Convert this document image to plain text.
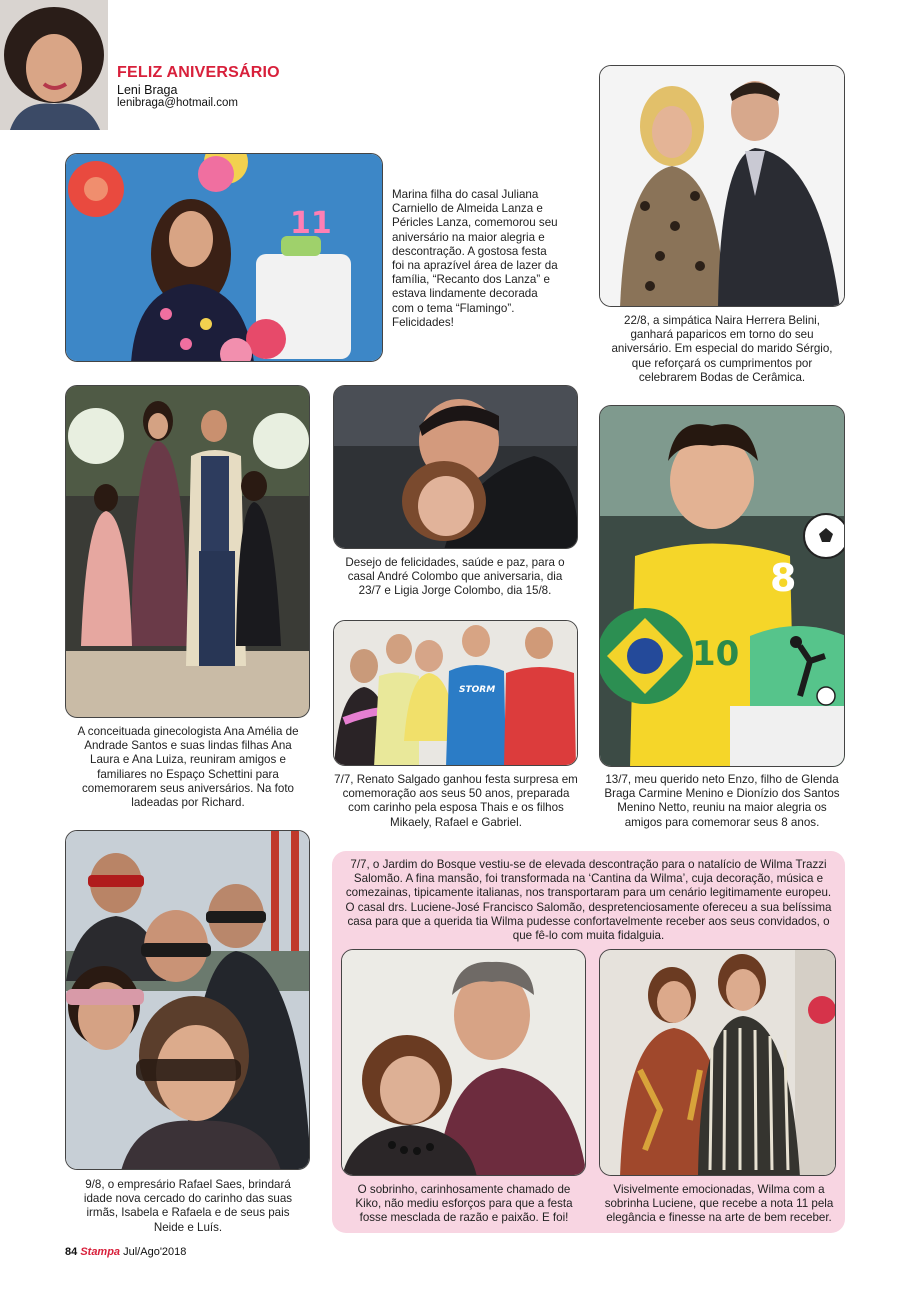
FELIZ ANIVERSÁRIO
Leni Braga
lenibraga@hotmail.com
11
Marina filha do casal Juliana Carniello de Almeida Lanza e Péricles Lanza, comemorou seu aniversário na maior alegria e descontração. A gostosa festa foi na aprazível área de lazer da família, “Recanto dos Lanza” e estava lindamente decorada com o tema “Flamingo”. Felicidades!	22/8, a simpática Naira Herrera Belini, ganhará paparicos em torno do seu aniversário. Em especial do marido Sérgio, que reforçará os cumprimentos por celebrarem Bodas de Cerâmica.
A conceituada ginecologista Ana Amélia de Andrade Santos e suas lindas filhas Ana Laura e Ana Luiza, reuniram amigos e familiares no Espaço Schettini para comemorarem seus aniversários. Na foto ladeadas por Richard.
Desejo de felicidades, saúde e paz, para o casal André Colombo que aniversaria, dia 23/7 e Ligia Jorge Colombo, dia 15/8.
STORM
7/7, Renato Salgado ganhou festa surpresa em comemoração aos seus 50 anos, preparada com carinho pela esposa Thais e os filhos Mikaely, Rafael e Gabriel.
10
8
13/7, meu querido neto Enzo, filho de Glenda Braga Carmine Menino e Dionízio dos Santos Menino Netto, reuniu na maior alegria os amigos para comemorar seus 8 anos.
9/8, o empresário Rafael Saes, brindará idade nova cercado do carinho das suas irmãs, Isabela e Rafaela e de seus pais Neide e Luís.
7/7, o Jardim do Bosque vestiu-se de elevada descontração para o natalício de Wilma Trazzi Salomão. A fina mansão, foi transformada na ‘Cantina da Wilma’, cuja decoração, música e comezainas, tipicamente italianas, nos transportaram para um cenário legitimamente europeu. O casal drs. Luciene-José Francisco Salomão, despretenciosamente ofereceu a sua belíssima casa para que a querida tia Wilma pudesse confortavelmente receber aos seus convidados, o que fê-lo com muita fidalguia.
O sobrinho, carinhosamente chamado de Kiko, não mediu esforços para que a festa fosse mesclada de razão e paixão. E foi!
Visivelmente emocionadas, Wilma com a sobrinha Luciene, que recebe a nota 11 pela elegância e finesse na arte de bem receber.
84 Stampa Jul/Ago'2018
